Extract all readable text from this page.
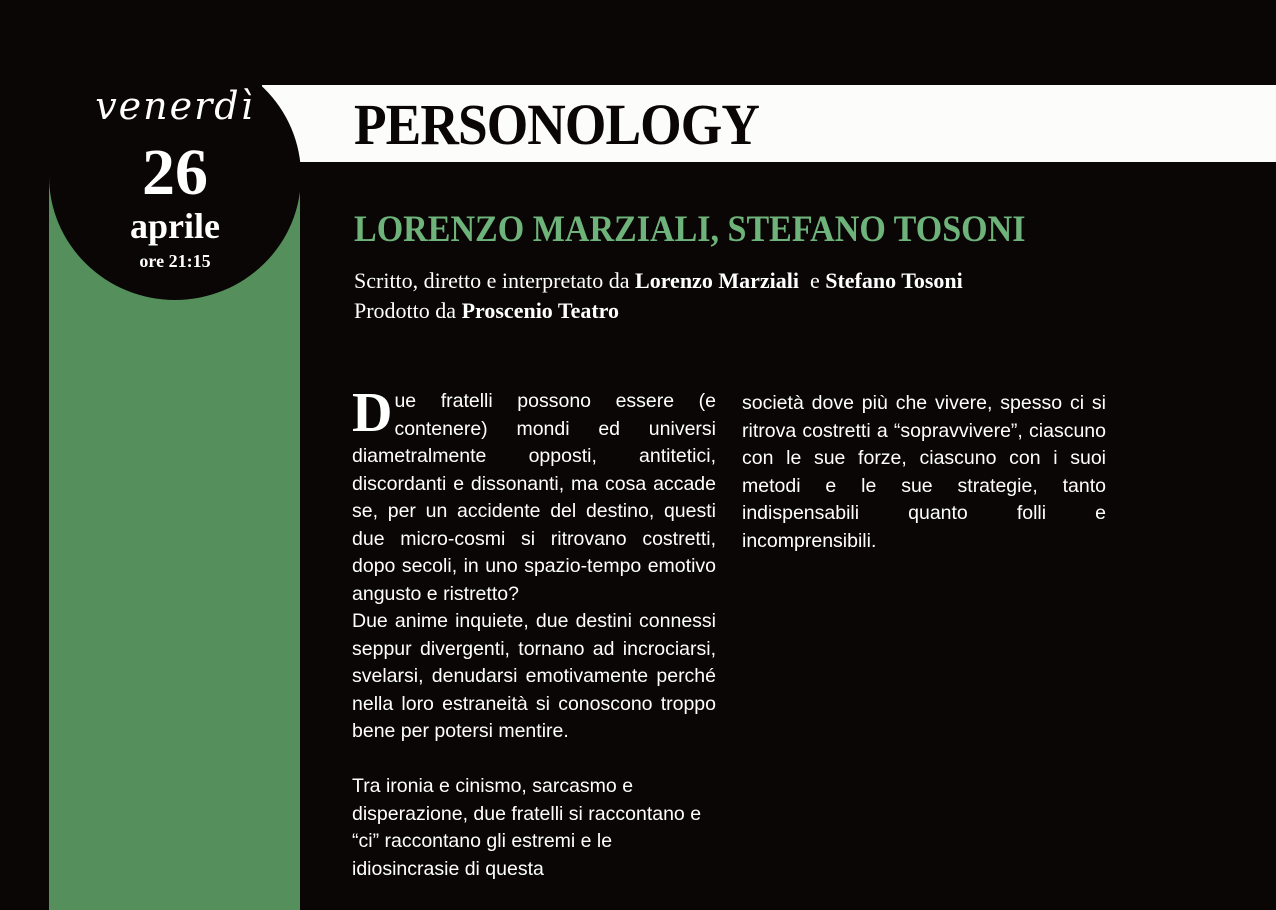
venerdì
26
aprile
ore 21:15
PERSONOLOGY
LORENZO MARZIALI, STEFANO TOSONI
Scritto, diretto e interpretato da Lorenzo Marziali  e Stefano Tosoni
Prodotto da Proscenio Teatro

Due fratelli possono essere (e contenere) mondi ed universi diametralmente opposti, antitetici, discordanti e dissonanti, ma cosa accade se, per un accidente del destino, questi due micro-cosmi si ritrovano costretti, dopo secoli, in uno spazio-tempo emotivo angusto e ristretto?

Due anime inquiete, due destini connessi seppur divergenti, tornano ad incrociarsi, svelarsi, denudarsi emotivamente perché nella loro estraneità si conoscono troppo bene per potersi mentire.

Tra ironia e cinismo, sarcasmo e disperazione, due fratelli si raccontano e “ci” raccontano gli estremi e le idiosincrasie di questa

società dove più che vivere, spesso ci si ritrova costretti a “sopravvivere”, ciascuno con le sue forze, ciascuno con i suoi metodi e le sue strategie, tanto indispensabili quanto folli e incomprensibili.
